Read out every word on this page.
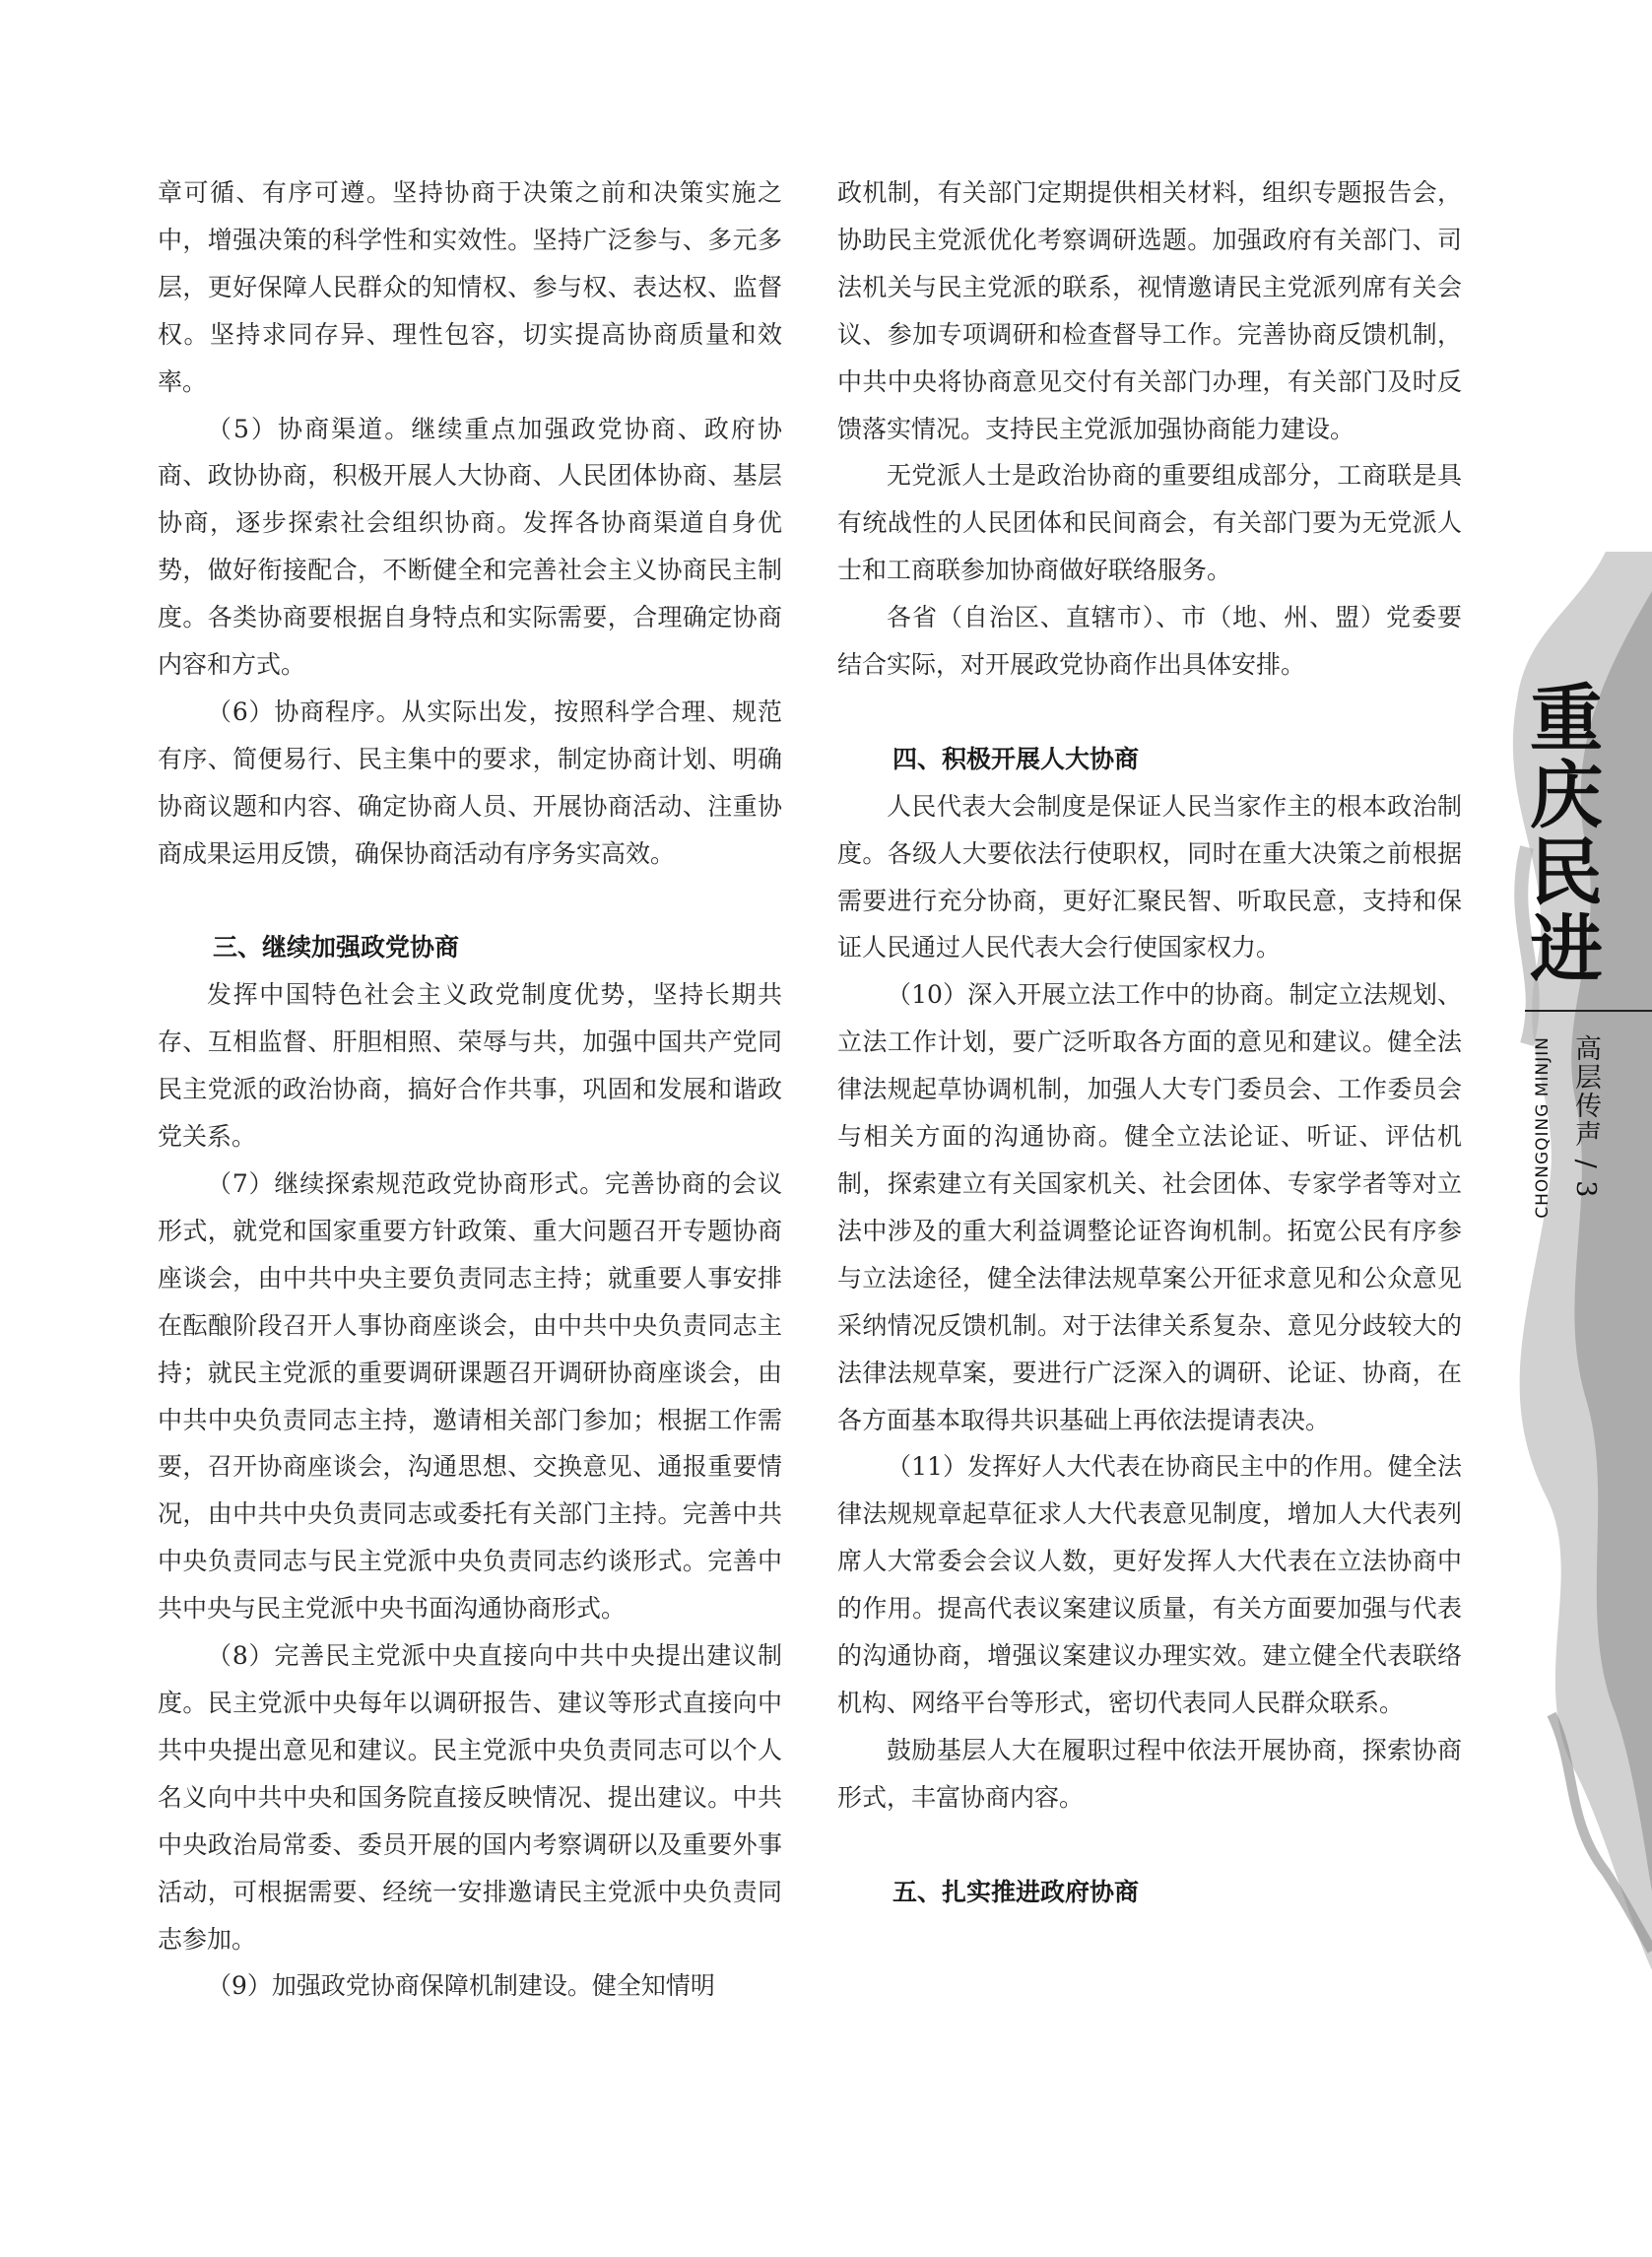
章可循、有序可遵。坚持协商于决策之前和决策实施之中，增强决策的科学性和实效性。坚持广泛参与、多元多层，更好保障人民群众的知情权、参与权、表达权、监督权。坚持求同存异、理性包容，切实提高协商质量和效率。

（5）协商渠道。继续重点加强政党协商、政府协商、政协协商，积极开展人大协商、人民团体协商、基层协商，逐步探索社会组织协商。发挥各协商渠道自身优势，做好衔接配合，不断健全和完善社会主义协商民主制度。各类协商要根据自身特点和实际需要，合理确定协商内容和方式。

（6）协商程序。从实际出发，按照科学合理、规范有序、简便易行、民主集中的要求，制定协商计划、明确协商议题和内容、确定协商人员、开展协商活动、注重协商成果运用反馈，确保协商活动有序务实高效。

三、继续加强政党协商

发挥中国特色社会主义政党制度优势，坚持长期共存、互相监督、肝胆相照、荣辱与共，加强中国共产党同民主党派的政治协商，搞好合作共事，巩固和发展和谐政党关系。

（7）继续探索规范政党协商形式。完善协商的会议形式，就党和国家重要方针政策、重大问题召开专题协商座谈会，由中共中央主要负责同志主持；就重要人事安排在酝酿阶段召开人事协商座谈会，由中共中央负责同志主持；就民主党派的重要调研课题召开调研协商座谈会，由中共中央负责同志主持，邀请相关部门参加；根据工作需要，召开协商座谈会，沟通思想、交换意见、通报重要情况，由中共中央负责同志或委托有关部门主持。完善中共中央负责同志与民主党派中央负责同志约谈形式。完善中共中央与民主党派中央书面沟通协商形式。

（8）完善民主党派中央直接向中共中央提出建议制度。民主党派中央每年以调研报告、建议等形式直接向中共中央提出意见和建议。民主党派中央负责同志可以个人名义向中共中央和国务院直接反映情况、提出建议。中共中央政治局常委、委员开展的国内考察调研以及重要外事活动，可根据需要、经统一安排邀请民主党派中央负责同志参加。

（9）加强政党协商保障机制建设。健全知情明

政机制，有关部门定期提供相关材料，组织专题报告会，协助民主党派优化考察调研选题。加强政府有关部门、司法机关与民主党派的联系，视情邀请民主党派列席有关会议、参加专项调研和检查督导工作。完善协商反馈机制，中共中央将协商意见交付有关部门办理，有关部门及时反馈落实情况。支持民主党派加强协商能力建设。

无党派人士是政治协商的重要组成部分，工商联是具有统战性的人民团体和民间商会，有关部门要为无党派人士和工商联参加协商做好联络服务。

各省（自治区、直辖市）、市（地、州、盟）党委要结合实际，对开展政党协商作出具体安排。

四、积极开展人大协商

人民代表大会制度是保证人民当家作主的根本政治制度。各级人大要依法行使职权，同时在重大决策之前根据需要进行充分协商，更好汇聚民智、听取民意，支持和保证人民通过人民代表大会行使国家权力。

（10）深入开展立法工作中的协商。制定立法规划、立法工作计划，要广泛听取各方面的意见和建议。健全法律法规起草协调机制，加强人大专门委员会、工作委员会与相关方面的沟通协商。健全立法论证、听证、评估机制，探索建立有关国家机关、社会团体、专家学者等对立法中涉及的重大利益调整论证咨询机制。拓宽公民有序参与立法途径，健全法律法规草案公开征求意见和公众意见采纳情况反馈机制。对于法律关系复杂、意见分歧较大的法律法规草案，要进行广泛深入的调研、论证、协商，在各方面基本取得共识基础上再依法提请表决。

（11）发挥好人大代表在协商民主中的作用。健全法律法规规章起草征求人大代表意见制度，增加人大代表列席人大常委会会议人数，更好发挥人大代表在立法协商中的作用。提高代表议案建议质量，有关方面要加强与代表的沟通协商，增强议案建议办理实效。建立健全代表联络机构、网络平台等形式，密切代表同人民群众联系。

鼓励基层人大在履职过程中依法开展协商，探索协商形式，丰富协商内容。

五、扎实推进政府协商
重庆民进
高层传声 / 3
CHONGQING MINJIN
